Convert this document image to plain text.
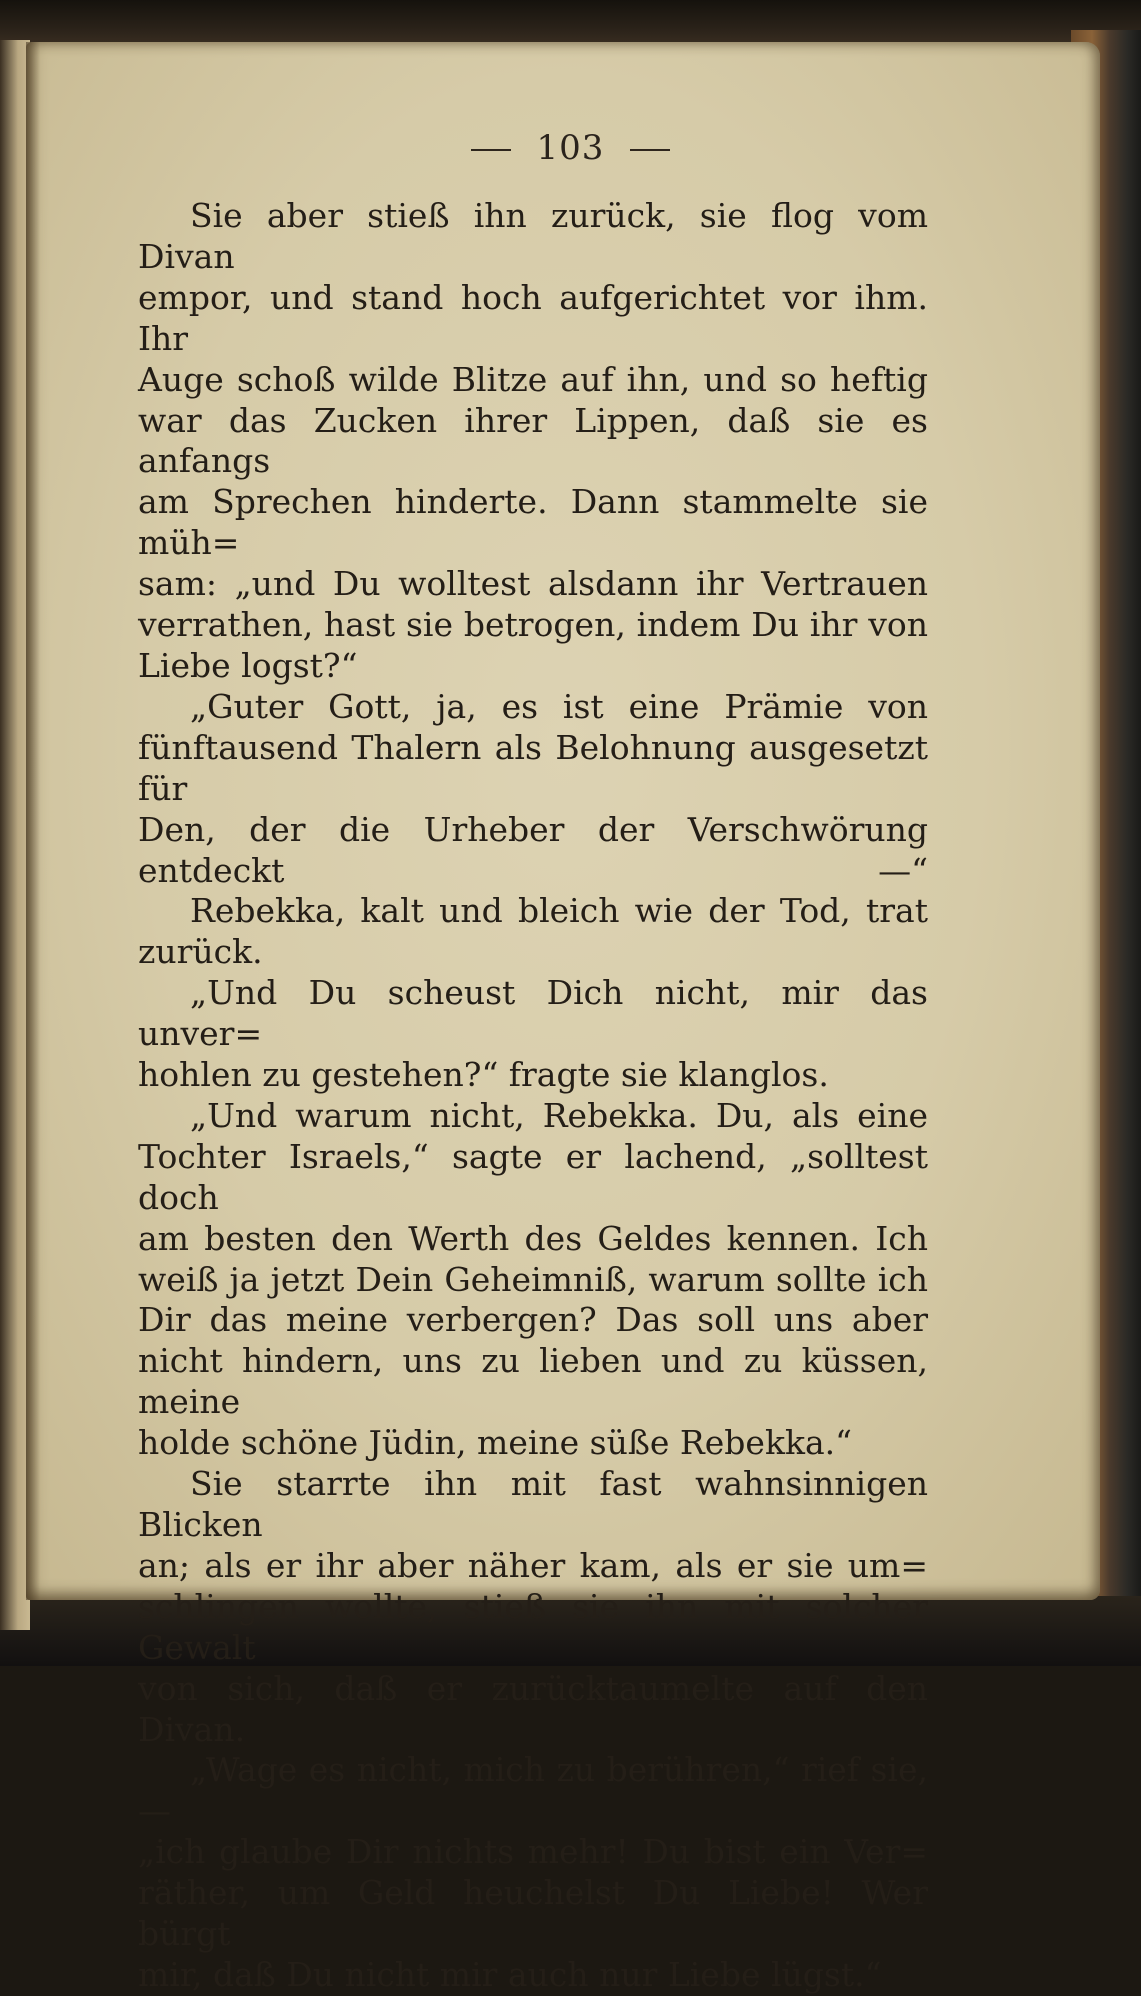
103

Sie aber stieß ihn zurück, sie flog vom Divan

empor, und stand hoch aufgerichtet vor ihm. Ihr

Auge schoß wilde Blitze auf ihn, und so heftig

war das Zucken ihrer Lippen, daß sie es anfangs

am Sprechen hinderte. Dann stammelte sie müh=

sam: „und Du wolltest alsdann ihr Vertrauen

verrathen, hast sie betrogen, indem Du ihr von

Liebe logst?“

„Guter Gott, ja, es ist eine Prämie von

fünftausend Thalern als Belohnung ausgesetzt für

Den, der die Urheber der Verschwörung entdeckt —“

Rebekka, kalt und bleich wie der Tod, trat zurück.

„Und Du scheust Dich nicht, mir das unver=

hohlen zu gestehen?“ fragte sie klanglos.

„Und warum nicht, Rebekka. Du, als eine

Tochter Israels,“ sagte er lachend, „solltest doch

am besten den Werth des Geldes kennen. Ich

weiß ja jetzt Dein Geheimniß, warum sollte ich

Dir das meine verbergen? Das soll uns aber

nicht hindern, uns zu lieben und zu küssen, meine

holde schöne Jüdin, meine süße Rebekka.“

Sie starrte ihn mit fast wahnsinnigen Blicken

an; als er ihr aber näher kam, als er sie um=

schlingen wollte, stieß sie ihn mit solcher Gewalt

von sich, daß er zurücktaumelte auf den Divan.

„Wage es nicht, mich zu berühren,“ rief sie, —

„ich glaube Dir nichts mehr! Du bist ein Ver=

räther, um Geld heuchelst Du Liebe! Wer bürgt

mir, daß Du nicht mir auch nur Liebe lügst.“
